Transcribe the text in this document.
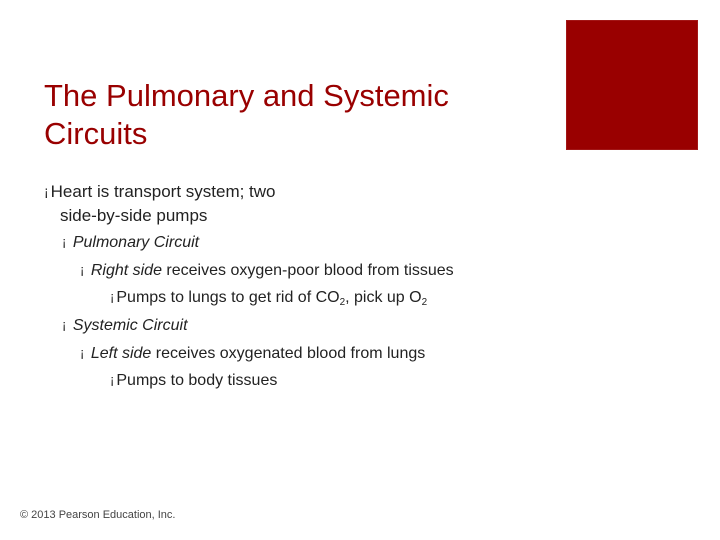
The Pulmonary and Systemic
Circuits

¡ Heart is transport system; two
side-by-side pumps

¡ Pulmonary Circuit

¡ Right side receives oxygen-poor blood from tissues

¡ Pumps to lungs to get rid of $CO_2$, pick up $O_2$

¡ Systemic Circuit

¡ Left side receives oxygenated blood from lungs

¡ Pumps to body tissues

© 2013 Pearson Education, Inc.
